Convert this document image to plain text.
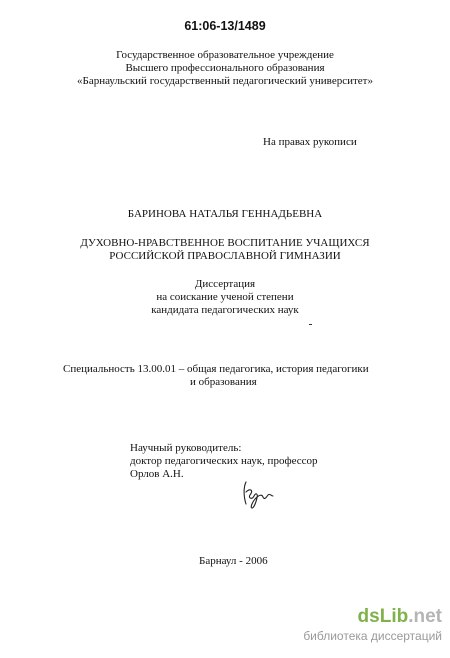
61:06-13/1489
Государственное образовательное учреждение
Высшего профессионального образования
«Барнаульский государственный педагогический университет»
На правах рукописи
БАРИНОВА НАТАЛЬЯ ГЕННАДЬЕВНА
ДУХОВНО-НРАВСТВЕННОЕ ВОСПИТАНИЕ УЧАЩИХСЯ
РОССИЙСКОЙ ПРАВОСЛАВНОЙ ГИМНАЗИИ
Диссертация
на соискание ученой степени
кандидата педагогических наук
Специальность 13.00.01 – общая педагогика, история педагогики
и образования
Научный руководитель:
доктор педагогических наук, профессор
Орлов А.Н.
Барнаул - 2006
dsLib.net
библиотека диссертаций
